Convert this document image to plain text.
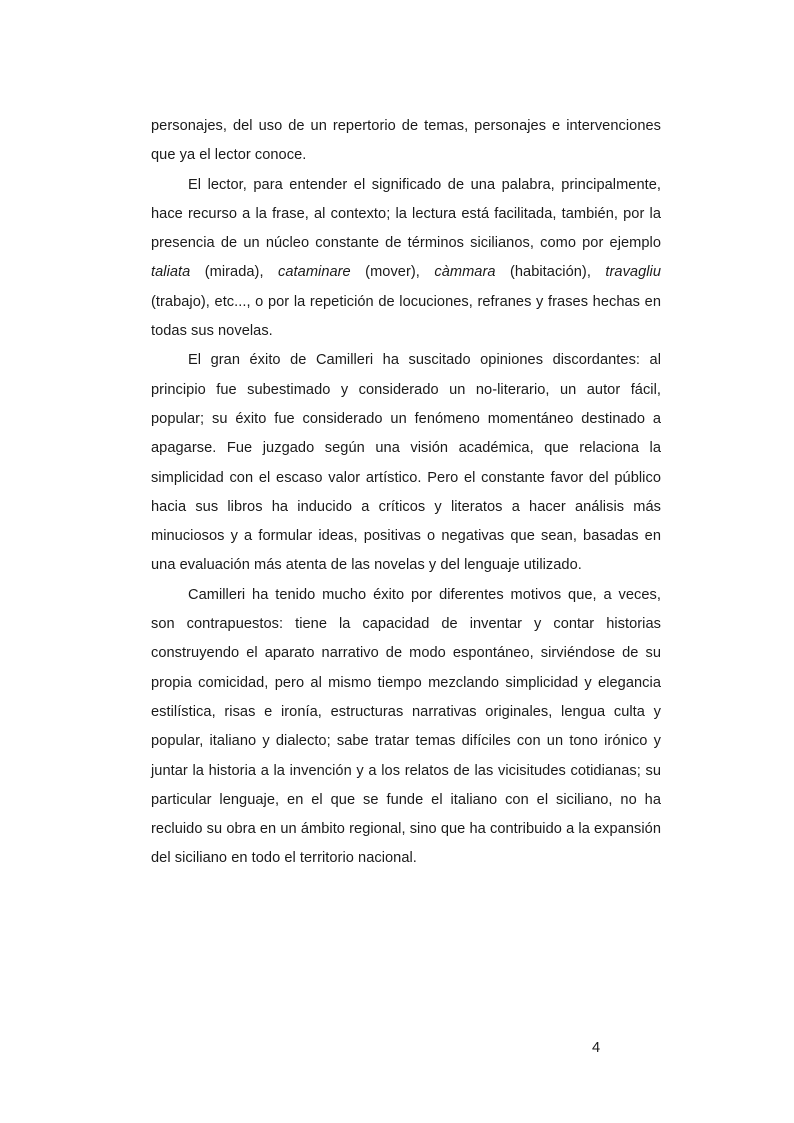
personajes, del uso de un repertorio de temas, personajes e intervenciones que ya el lector conoce.

El lector, para entender el significado de una palabra, principalmente, hace recurso a la frase, al contexto; la lectura está facilitada, también, por la presencia de un núcleo constante de términos sicilianos, como por ejemplo taliata (mirada), cataminare (mover), càmmara (habitación), travagliu (trabajo), etc..., o por la repetición de locuciones, refranes y frases hechas en todas sus novelas.

El gran éxito de Camilleri ha suscitado opiniones discordantes: al principio fue subestimado y considerado un no-literario, un autor fácil, popular; su éxito fue considerado un fenómeno momentáneo destinado a apagarse. Fue juzgado según una visión académica, que relaciona la simplicidad con el escaso valor artístico. Pero el constante favor del público hacia sus libros ha inducido a críticos y literatos a hacer análisis más minuciosos y a formular ideas, positivas o negativas que sean, basadas en una evaluación más atenta de las novelas y del lenguaje utilizado.

Camilleri ha tenido mucho éxito por diferentes motivos que, a veces, son contrapuestos: tiene la capacidad de inventar y contar historias construyendo el aparato narrativo de modo espontáneo, sirviéndose de su propia comicidad, pero al mismo tiempo mezclando simplicidad y elegancia estilística, risas e ironía, estructuras narrativas originales, lengua culta y popular, italiano y dialecto; sabe tratar temas difíciles con un tono irónico y juntar la historia a la invención y a los relatos de las vicisitudes cotidianas; su particular lenguaje, en el que se funde el italiano con el siciliano, no ha recluido su obra en un ámbito regional, sino que ha contribuido a la expansión del siciliano en todo el territorio nacional.

4
